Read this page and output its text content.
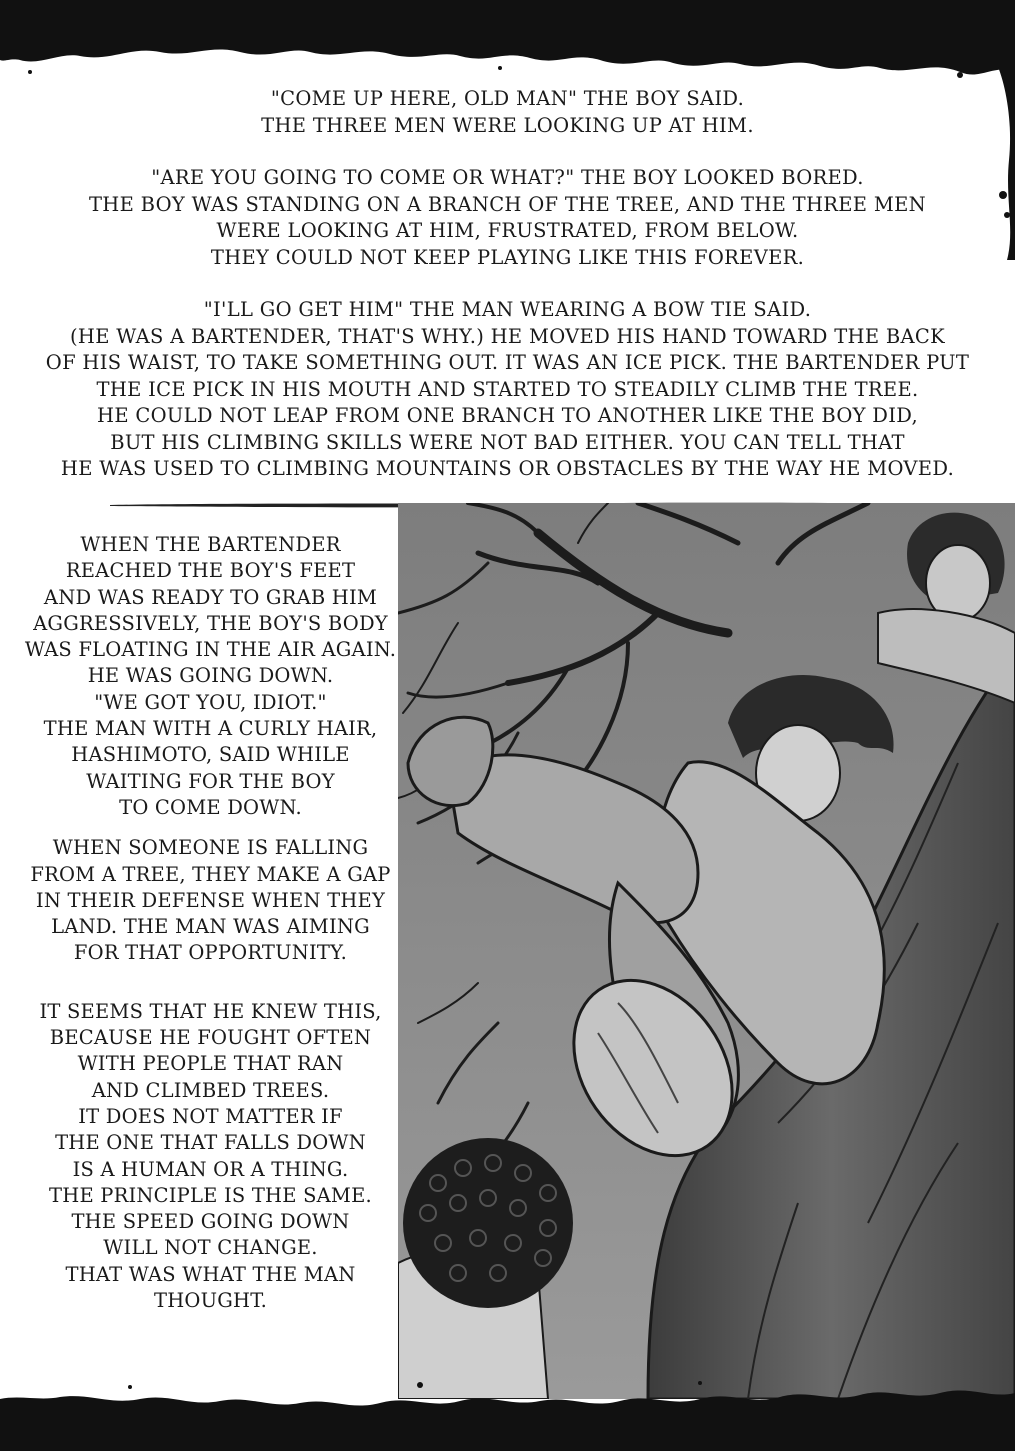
"COME UP HERE, OLD MAN" THE BOY SAID.
THE THREE MEN WERE LOOKING UP AT HIM.
"ARE YOU GOING TO COME OR WHAT?" THE BOY LOOKED BORED.
THE BOY WAS STANDING ON A BRANCH OF THE TREE, AND THE THREE MEN
WERE LOOKING AT HIM, FRUSTRATED, FROM BELOW.
THEY COULD NOT KEEP PLAYING LIKE THIS FOREVER.
"I'LL GO GET HIM" THE MAN WEARING A BOW TIE SAID.
(HE WAS A BARTENDER, THAT'S WHY.) HE MOVED HIS HAND TOWARD THE BACK
OF HIS WAIST, TO TAKE SOMETHING OUT. IT WAS AN ICE PICK. THE BARTENDER PUT
THE ICE PICK IN HIS MOUTH AND STARTED TO STEADILY CLIMB THE TREE.
HE COULD NOT LEAP FROM ONE BRANCH TO ANOTHER LIKE THE BOY DID,
BUT HIS CLIMBING SKILLS WERE NOT BAD EITHER. YOU CAN TELL THAT
HE WAS USED TO CLIMBING MOUNTAINS OR OBSTACLES BY THE WAY HE MOVED.
WHEN THE BARTENDER
REACHED THE BOY'S FEET
AND WAS READY TO GRAB HIM
AGGRESSIVELY, THE BOY'S BODY
WAS FLOATING IN THE AIR AGAIN.
HE WAS GOING DOWN.
"WE GOT YOU, IDIOT."
THE MAN WITH A CURLY HAIR,
HASHIMOTO, SAID WHILE
WAITING FOR THE BOY
TO COME DOWN.
WHEN SOMEONE IS FALLING
FROM A TREE, THEY MAKE A GAP
IN THEIR DEFENSE WHEN THEY
LAND. THE MAN WAS AIMING
FOR THAT OPPORTUNITY.
IT SEEMS THAT HE KNEW THIS,
BECAUSE HE FOUGHT OFTEN
WITH PEOPLE THAT RAN
AND CLIMBED TREES.
IT DOES NOT MATTER IF
THE ONE THAT FALLS DOWN
IS A HUMAN OR A THING.
THE PRINCIPLE IS THE SAME.
THE SPEED GOING DOWN
WILL NOT CHANGE.
THAT WAS WHAT THE MAN
THOUGHT.
